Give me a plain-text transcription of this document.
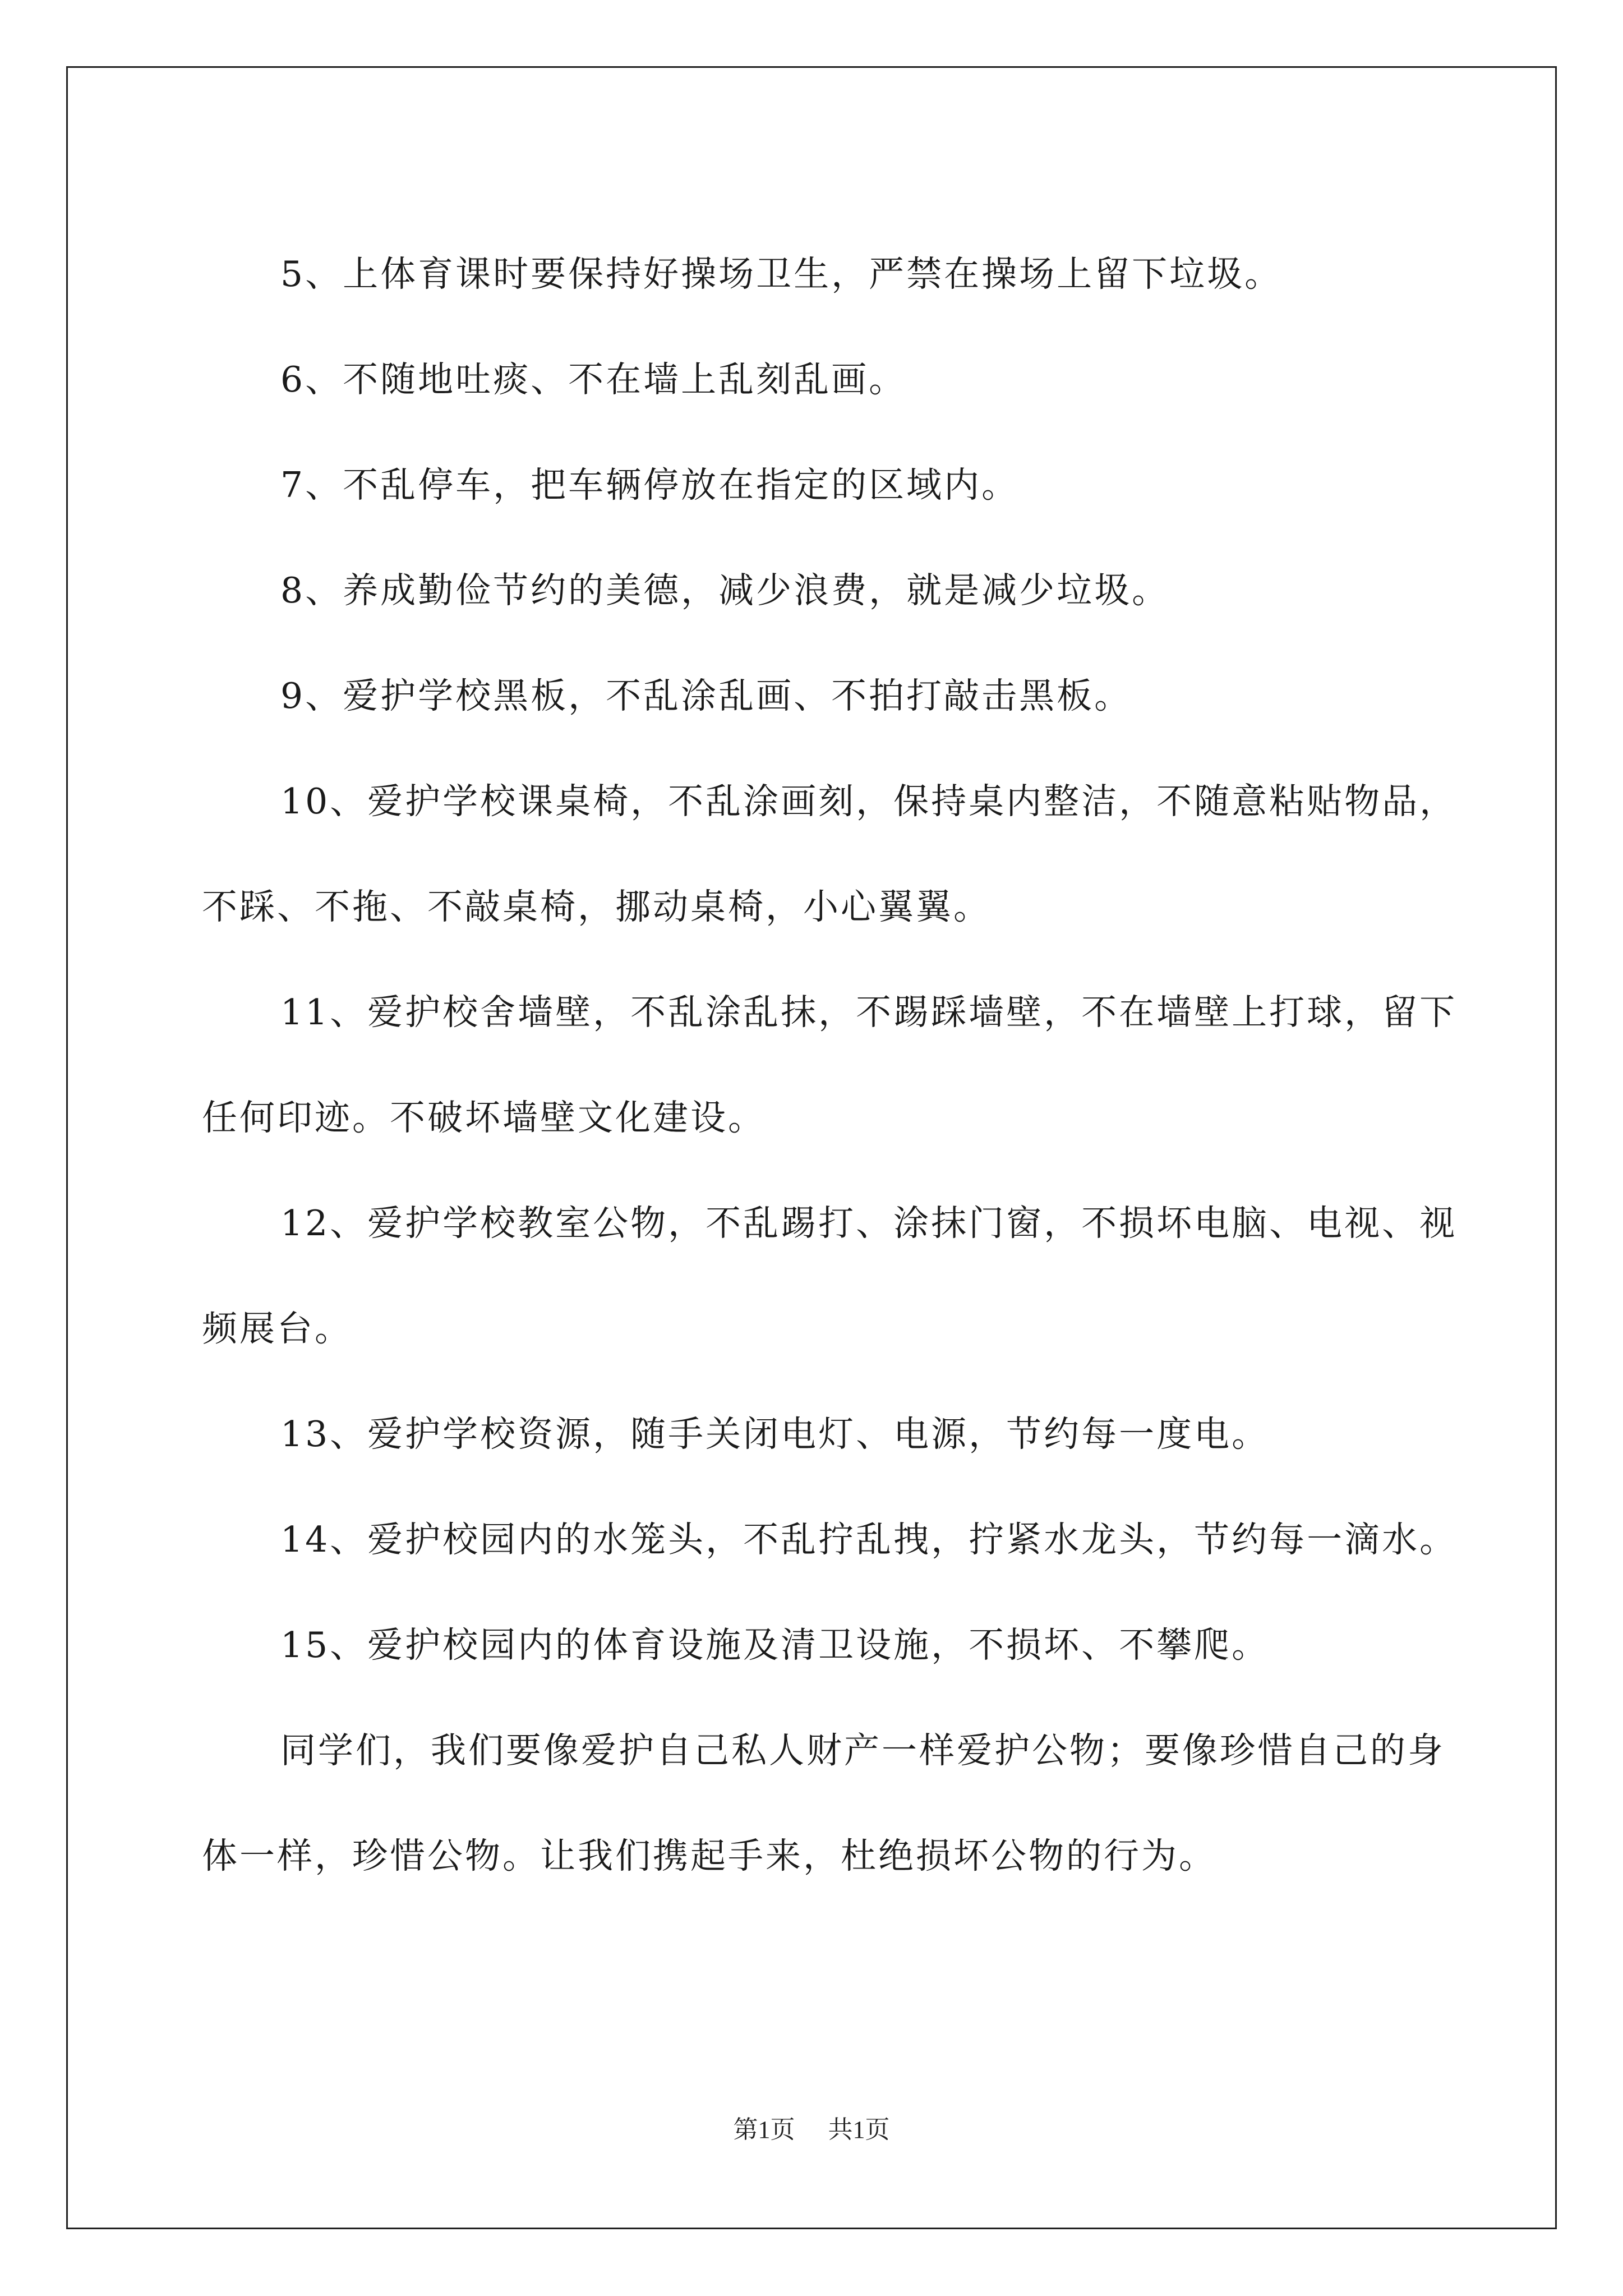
5、上体育课时要保持好操场卫生，严禁在操场上留下垃圾。

6、不随地吐痰、不在墙上乱刻乱画。

7、不乱停车，把车辆停放在指定的区域内。

8、养成勤俭节约的美德，减少浪费，就是减少垃圾。

9、爱护学校黑板，不乱涂乱画、不拍打敲击黑板。

10、爱护学校课桌椅，不乱涂画刻，保持桌内整洁，不随意粘贴物品，不踩、不拖、不敲桌椅，挪动桌椅，小心翼翼。

11、爱护校舍墙壁，不乱涂乱抹，不踢踩墙壁，不在墙壁上打球，留下任何印迹。不破坏墙壁文化建设。

12、爱护学校教室公物，不乱踢打、涂抹门窗，不损坏电脑、电视、视频展台。

13、爱护学校资源，随手关闭电灯、电源，节约每一度电。

14、爱护校园内的水笼头，不乱拧乱拽，拧紧水龙头，节约每一滴水。

15、爱护校园内的体育设施及清卫设施，不损坏、不攀爬。

同学们，我们要像爱护自己私人财产一样爱护公物；要像珍惜自己的身体一样，珍惜公物。让我们携起手来，杜绝损坏公物的行为。

第1页 共1页
